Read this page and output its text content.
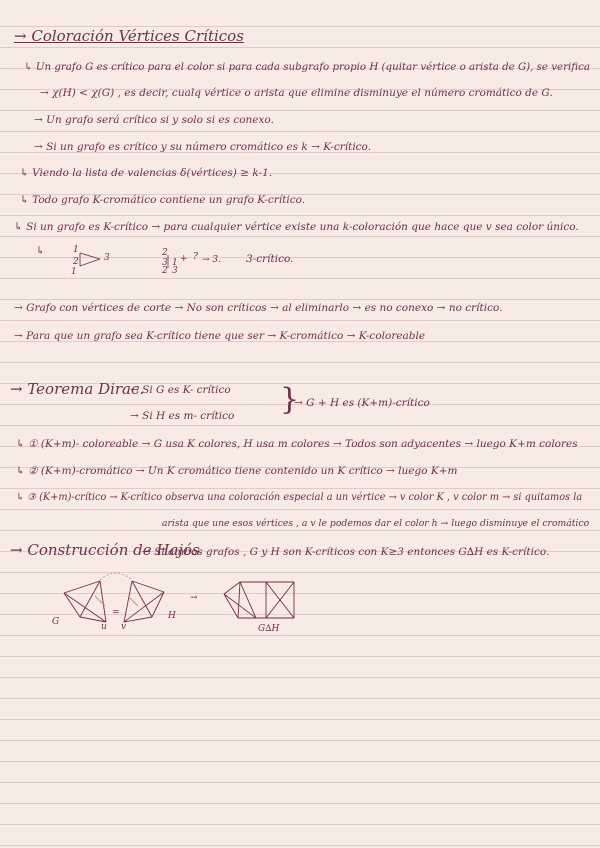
→ Coloración Vértices Críticos
↳ Un grafo G es crítico para el color si para cada subgrafo propio H (quitar vértice o arista de G), se verifica
→ χ(H) < χ(G) , es decir, cualq vértice o arista que elimine disminuye el número cromático de G.
→ Un grafo será crítico si y solo si es conexo.
→ Si un grafo es crítico y su número cromático es k → K-crítico.
↳ Viendo la lista de valencias δ(vértices) ≥ k-1.
↳ Todo grafo K-cromático contiene un grafo K-crítico.
↳ Si un grafo es K-crítico → para cualquier vértice existe una k-coloración que hace que v sea color único.
↳	1
2	3
1
2
3 1
2 3
+ ? → 3. 3-crítico.
→ Grafo con vértices de corte → No son críticos → al eliminarlo → es no conexo → no crítico.
→ Para que un grafo sea K-crítico tiene que ser → K-cromático → K-coloreable
→ Teorema Dirac.
→ Si G es K- crítico
→ Si H es m- crítico }
→ G + H es (K+m)-crítico
↳ ① (K+m)- coloreable → G usa K colores, H usa m colores → Todos son adyacentes → luego K+m colores
↳ ② (K+m)-cromático → Un K cromático tiene contenido un K crítico → luego K+m
↳ ③ (K+m)-crítico → K-crítico observa una coloración especial a un vértice → v color K , v color m → si quitamos la
arista que une esos vértices , a v le podemos dar el color h → luego disminuye el cromático
→ Construcción de Hajós
→ Si ambos grafos , G y H son K-críticos con K≥3 entonces G∆H es K-crítico.
G
H
u v
=
→
G∆H
